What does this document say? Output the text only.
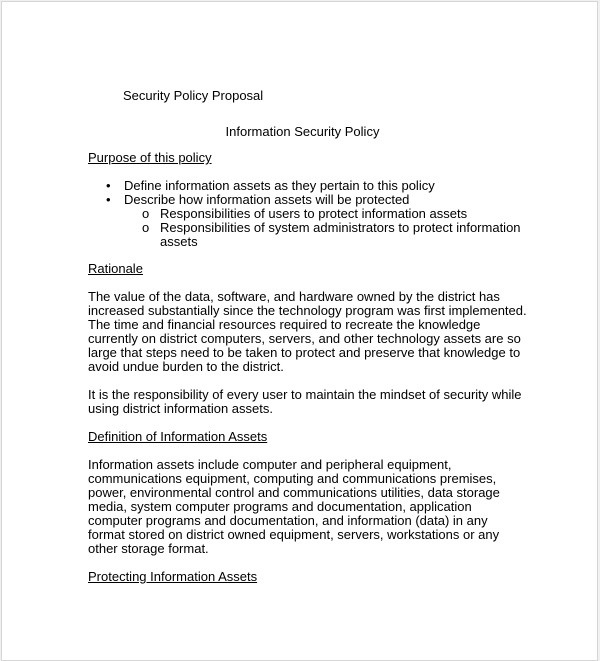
Security Policy Proposal
Information Security Policy
Purpose of this policy
• Define information assets as they pertain to this policy
• Describe how information assets will be protected
o Responsibilities of users to protect information assets
o Responsibilities of system administrators to protect information assets
Rationale

The value of the data, software, and hardware owned by the district has increased substantially since the technology program was first implemented. The time and financial resources required to recreate the knowledge currently on district computers, servers, and other technology assets are so large that steps need to be taken to protect and preserve that knowledge to avoid undue burden to the district.

It is the responsibility of every user to maintain the mindset of security while using district information assets.

Definition of Information Assets

Information assets include computer and peripheral equipment, communications equipment, computing and communications premises, power, environmental control and communications utilities, data storage media, system computer programs and documentation, application computer programs and documentation, and information (data) in any format stored on district owned equipment, servers, workstations or any other storage format.

Protecting Information Assets
